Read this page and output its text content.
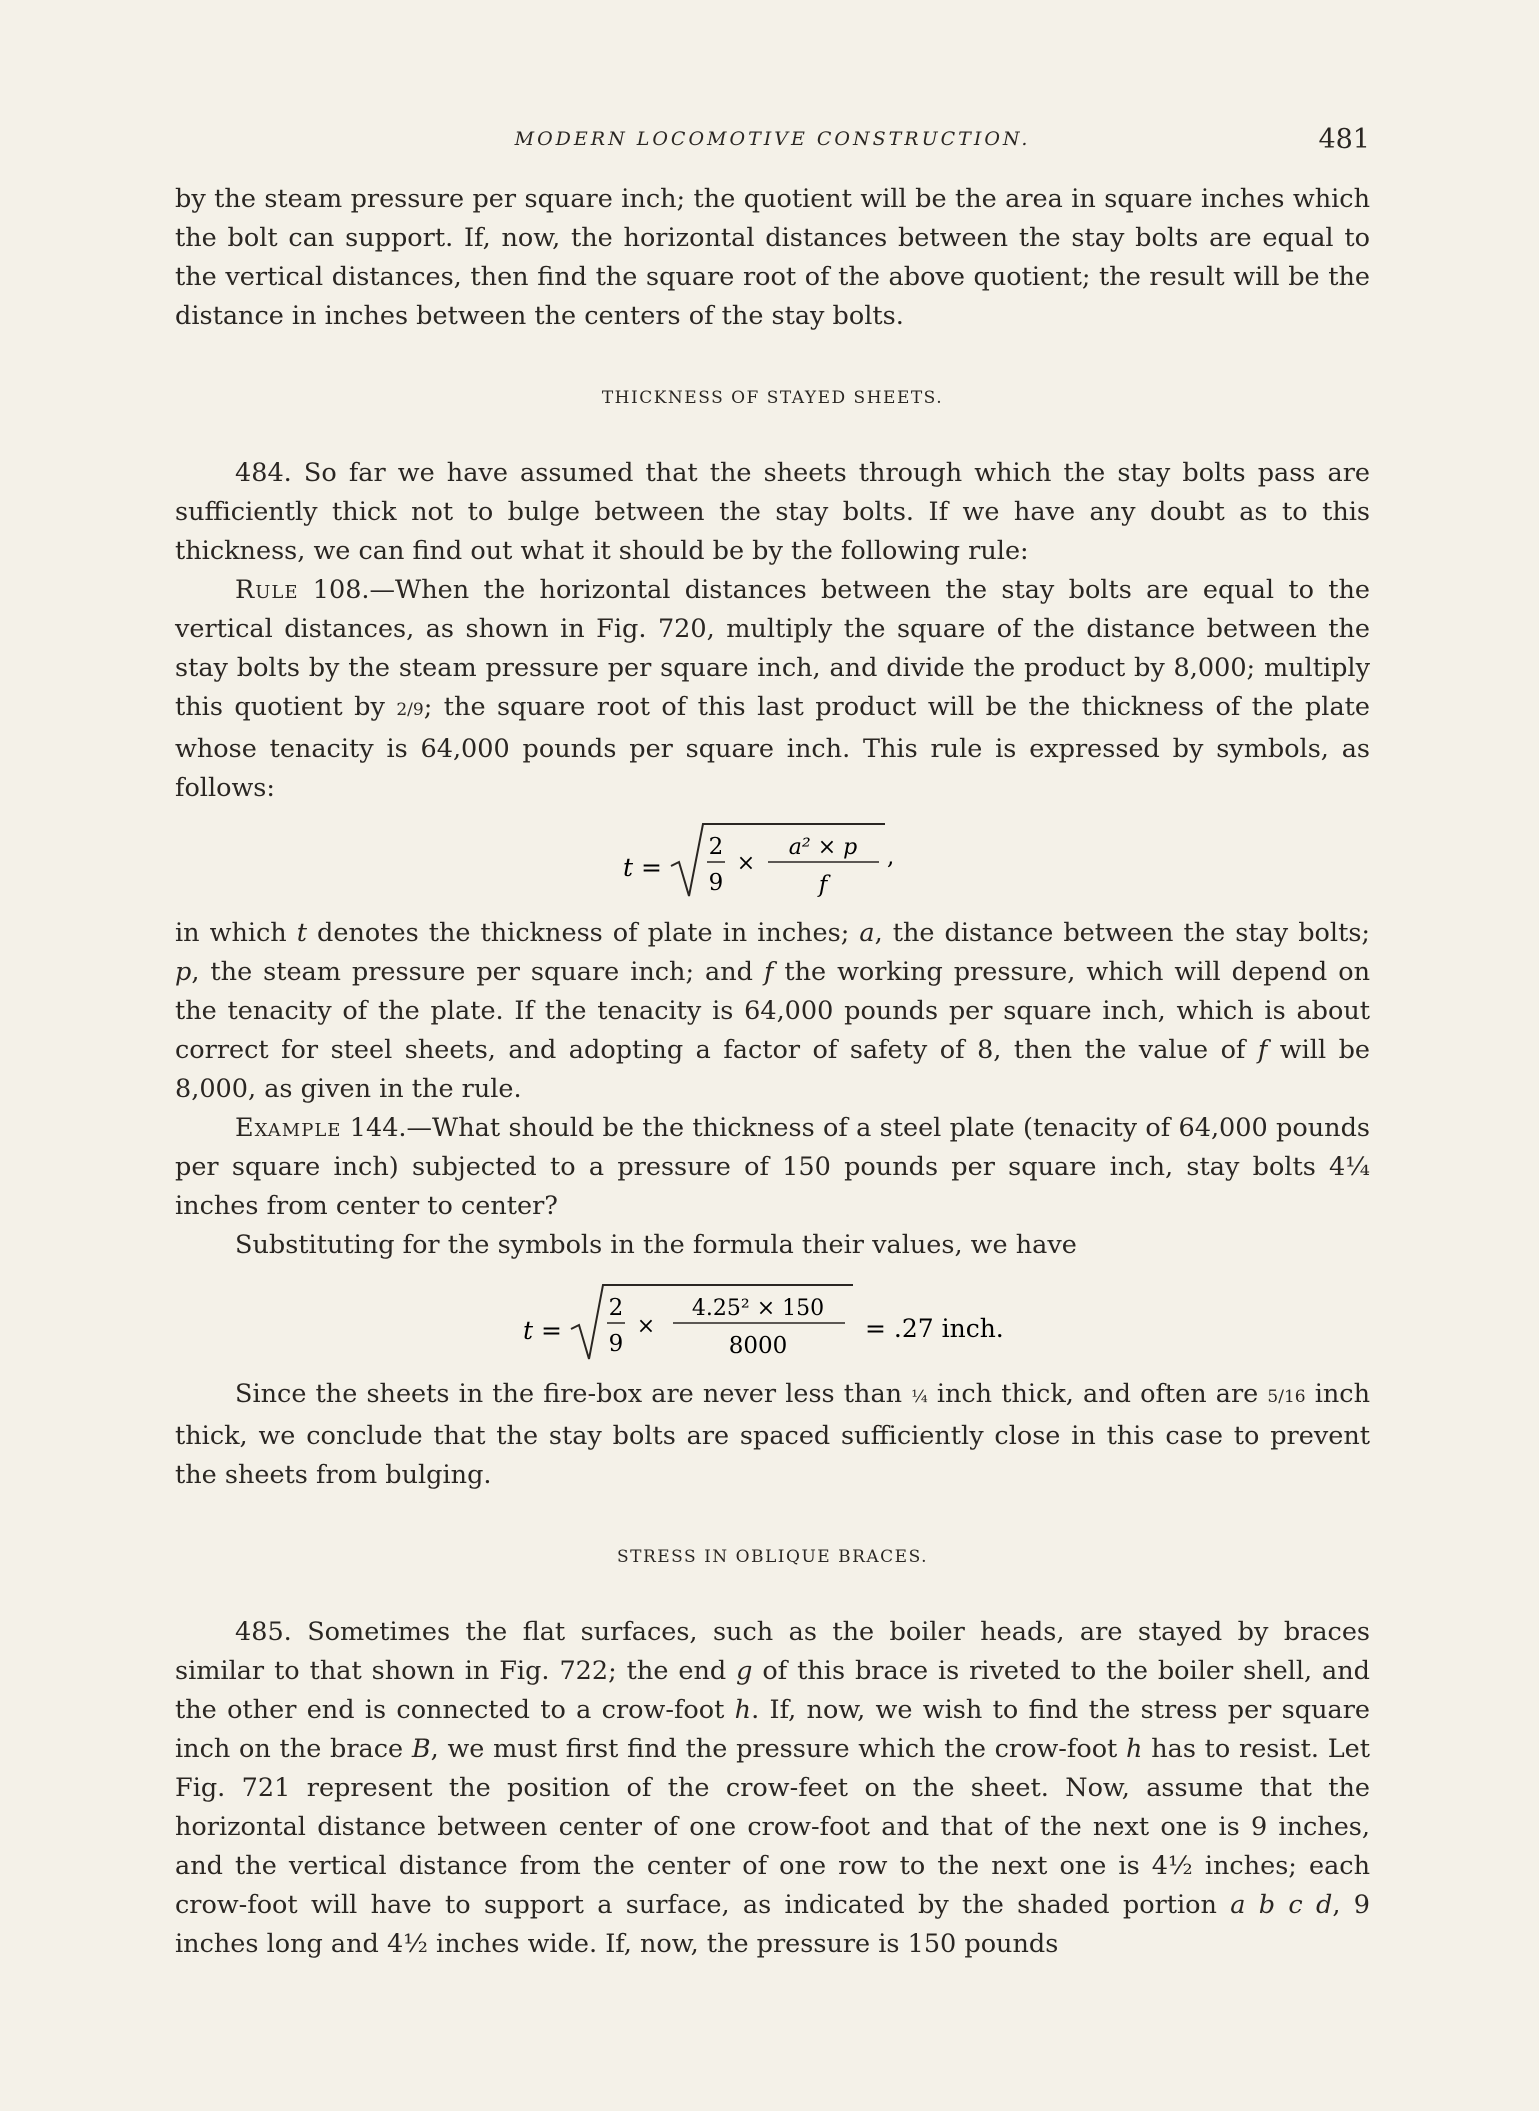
MODERN LOCOMOTIVE CONSTRUCTION.	481

by the steam pressure per square inch; the quotient will be the area in square inches which the bolt can support. If, now, the horizontal distances between the stay bolts are equal to the vertical distances, then find the square root of the above quotient; the result will be the distance in inches between the centers of the stay bolts.

THICKNESS OF STAYED SHEETS.

484. So far we have assumed that the sheets through which the stay bolts pass are sufficiently thick not to bulge between the stay bolts. If we have any doubt as to this thickness, we can find out what it should be by the following rule:

Rule 108.—When the horizontal distances between the stay bolts are equal to the vertical distances, as shown in Fig. 720, multiply the square of the distance between the stay bolts by the steam pressure per square inch, and divide the product by 8,000; multiply this quotient by 2/9; the square root of this last product will be the thickness of the plate whose tenacity is 64,000 pounds per square inch. This rule is expressed by symbols, as follows:

t =
2
9
×
a² × p
f
,

in which t denotes the thickness of plate in inches; a, the distance between the stay bolts; p, the steam pressure per square inch; and f the working pressure, which will depend on the tenacity of the plate. If the tenacity is 64,000 pounds per square inch, which is about correct for steel sheets, and adopting a factor of safety of 8, then the value of f will be 8,000, as given in the rule.

Example 144.—What should be the thickness of a steel plate (tenacity of 64,000 pounds per square inch) subjected to a pressure of 150 pounds per square inch, stay bolts 4¼ inches from center to center?

Substituting for the symbols in the formula their values, we have

t =
2
9
×
4.25² × 150
8000
= .27 inch.

Since the sheets in the fire-box are never less than ¼ inch thick, and often are 5/16 inch thick, we conclude that the stay bolts are spaced sufficiently close in this case to prevent the sheets from bulging.

STRESS IN OBLIQUE BRACES.

485. Sometimes the flat surfaces, such as the boiler heads, are stayed by braces similar to that shown in Fig. 722; the end g of this brace is riveted to the boiler shell, and the other end is connected to a crow-foot h. If, now, we wish to find the stress per square inch on the brace B, we must first find the pressure which the crow-foot h has to resist. Let Fig. 721 represent the position of the crow-feet on the sheet. Now, assume that the horizontal distance between center of one crow-foot and that of the next one is 9 inches, and the vertical distance from the center of one row to the next one is 4½ inches; each crow-foot will have to support a surface, as indicated by the shaded portion a b c d, 9 inches long and 4½ inches wide. If, now, the pressure is 150 pounds
